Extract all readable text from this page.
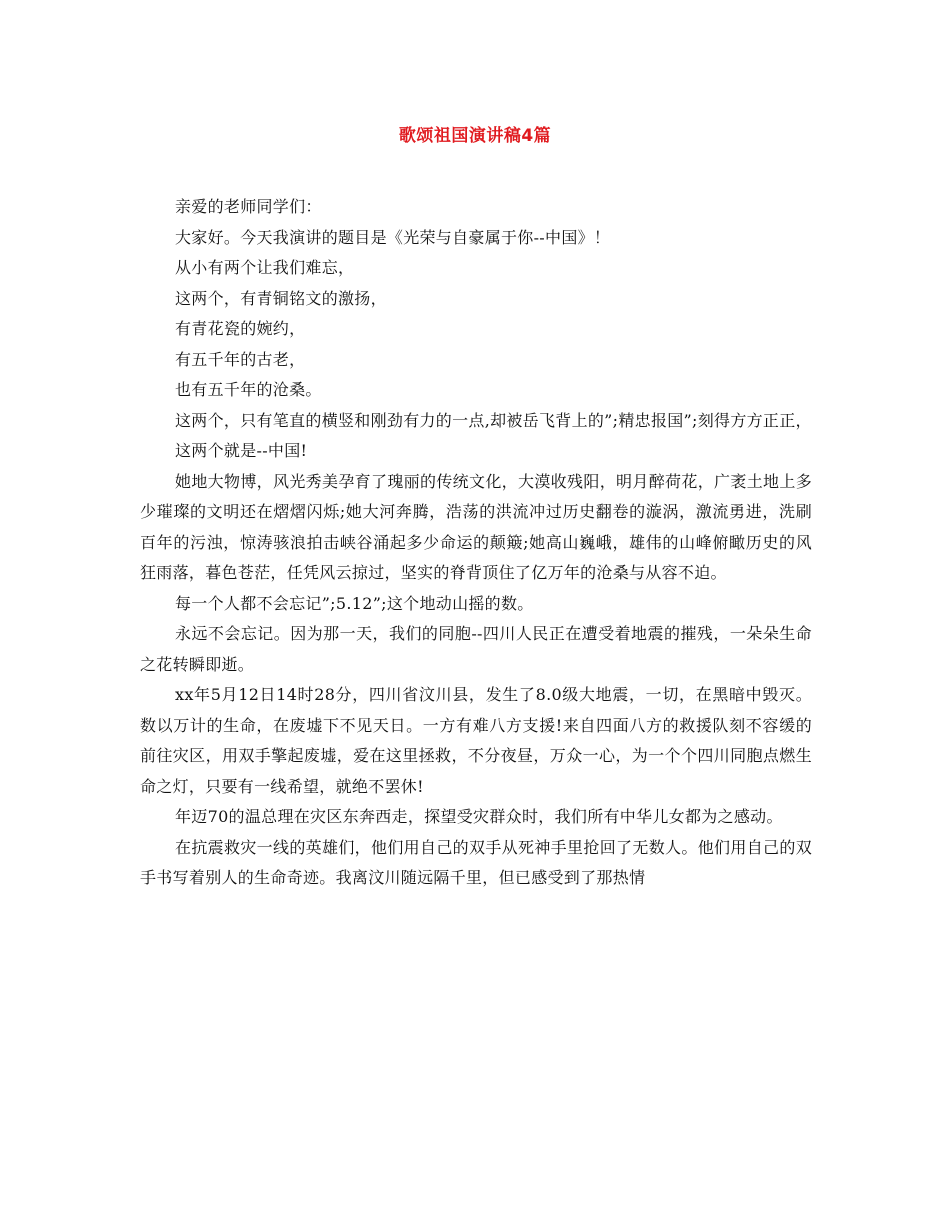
歌颂祖国演讲稿4篇

亲爱的老师同学们：

大家好。今天我演讲的题目是《光荣与自豪属于你--中国》！

从小有两个让我们难忘，

这两个，有青铜铭文的激扬，

有青花瓷的婉约，

有五千年的古老，

也有五千年的沧桑。

这两个，只有笔直的横竖和刚劲有力的一点,却被岳飞背上的”;精忠报国”;刻得方方正正，

这两个就是--中国!

她地大物博，风光秀美孕育了瑰丽的传统文化，大漠收残阳，明月醉荷花，广袤土地上多少璀璨的文明还在熠熠闪烁;她大河奔腾，浩荡的洪流冲过历史翻卷的漩涡，激流勇进，洗刷百年的污浊，惊涛骇浪拍击峡谷涌起多少命运的颠簸;她高山巍峨，雄伟的山峰俯瞰历史的风狂雨落，暮色苍茫，任凭风云掠过，坚实的脊背顶住了亿万年的沧桑与从容不迫。

每一个人都不会忘记”;5.12”;这个地动山摇的数。

永远不会忘记。因为那一天，我们的同胞--四川人民正在遭受着地震的摧残，一朵朵生命之花转瞬即逝。

xx年5月12日14时28分，四川省汶川县，发生了8.0级大地震，一切，在黑暗中毁灭。数以万计的生命，在废墟下不见天日。一方有难八方支援!来自四面八方的救援队刻不容缓的前往灾区，用双手擎起废墟，爱在这里拯救，不分夜昼，万众一心，为一个个四川同胞点燃生命之灯，只要有一线希望，就绝不罢休!

年迈70的温总理在灾区东奔西走，探望受灾群众时，我们所有中华儿女都为之感动。

在抗震救灾一线的英雄们，他们用自己的双手从死神手里抢回了无数人。他们用自己的双手书写着别人的生命奇迹。我离汶川随远隔千里，但已感受到了那热情
